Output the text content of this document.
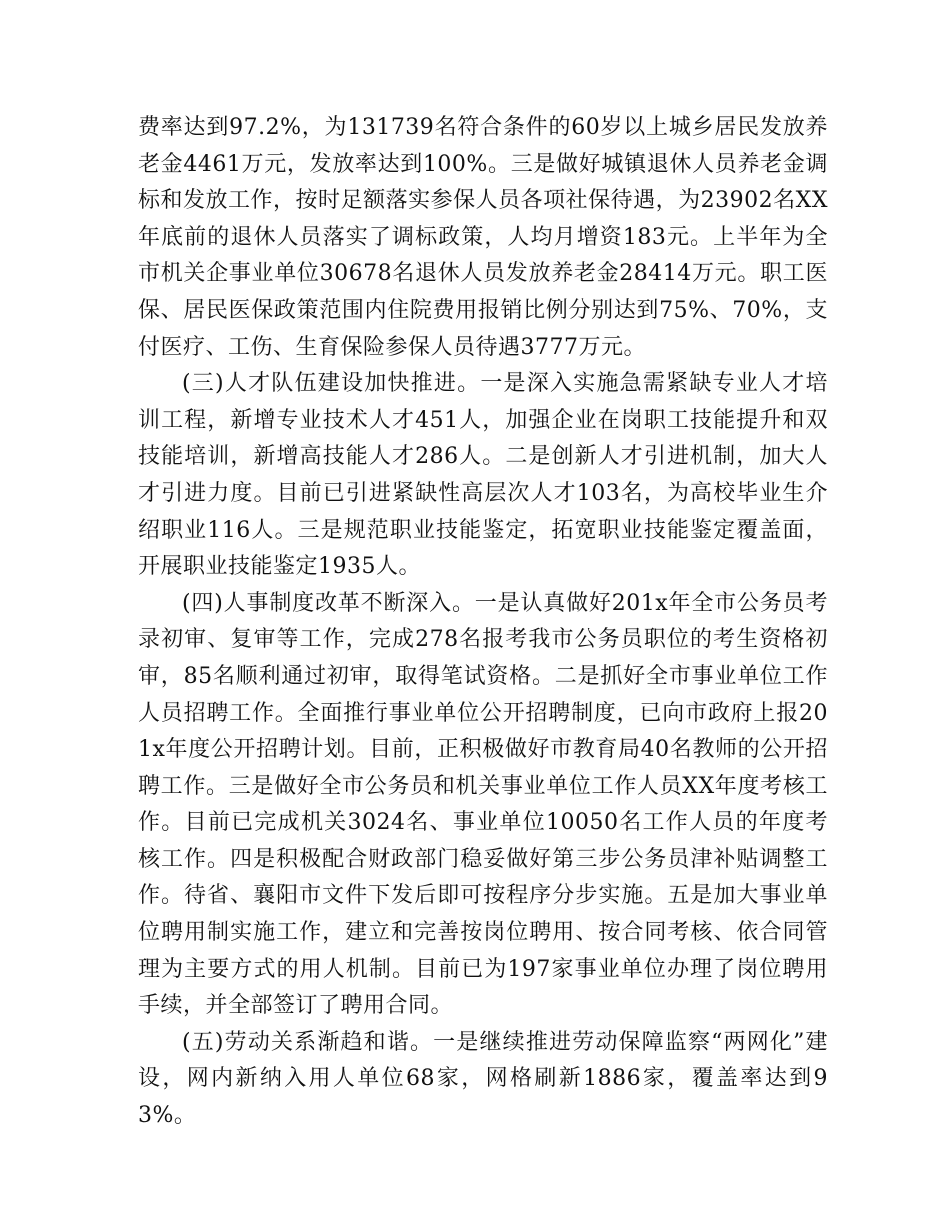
费率达到97.2%，为131739名符合条件的60岁以上城乡居民发放养老金4461万元，发放率达到100%。三是做好城镇退休人员养老金调标和发放工作，按时足额落实参保人员各项社保待遇，为23902名XX年底前的退休人员落实了调标政策，人均月增资183元。上半年为全市机关企事业单位30678名退休人员发放养老金28414万元。职工医保、居民医保政策范围内住院费用报销比例分别达到75%、70%，支付医疗、工伤、生育保险参保人员待遇3777万元。

(三)人才队伍建设加快推进。一是深入实施急需紧缺专业人才培训工程，新增专业技术人才451人，加强企业在岗职工技能提升和双技能培训，新增高技能人才286人。二是创新人才引进机制，加大人才引进力度。目前已引进紧缺性高层次人才103名，为高校毕业生介绍职业116人。三是规范职业技能鉴定，拓宽职业技能鉴定覆盖面，开展职业技能鉴定1935人。

(四)人事制度改革不断深入。一是认真做好201x年全市公务员考录初审、复审等工作，完成278名报考我市公务员职位的考生资格初审，85名顺利通过初审，取得笔试资格。二是抓好全市事业单位工作人员招聘工作。全面推行事业单位公开招聘制度，已向市政府上报201x年度公开招聘计划。目前，正积极做好市教育局40名教师的公开招聘工作。三是做好全市公务员和机关事业单位工作人员XX年度考核工作。目前已完成机关3024名、事业单位10050名工作人员的年度考核工作。四是积极配合财政部门稳妥做好第三步公务员津补贴调整工作。待省、襄阳市文件下发后即可按程序分步实施。五是加大事业单位聘用制实施工作，建立和完善按岗位聘用、按合同考核、依合同管理为主要方式的用人机制。目前已为197家事业单位办理了岗位聘用手续，并全部签订了聘用合同。

(五)劳动关系渐趋和谐。一是继续推进劳动保障监察“两网化”建设，网内新纳入用人单位68家，网格刷新1886家，覆盖率达到93%。
